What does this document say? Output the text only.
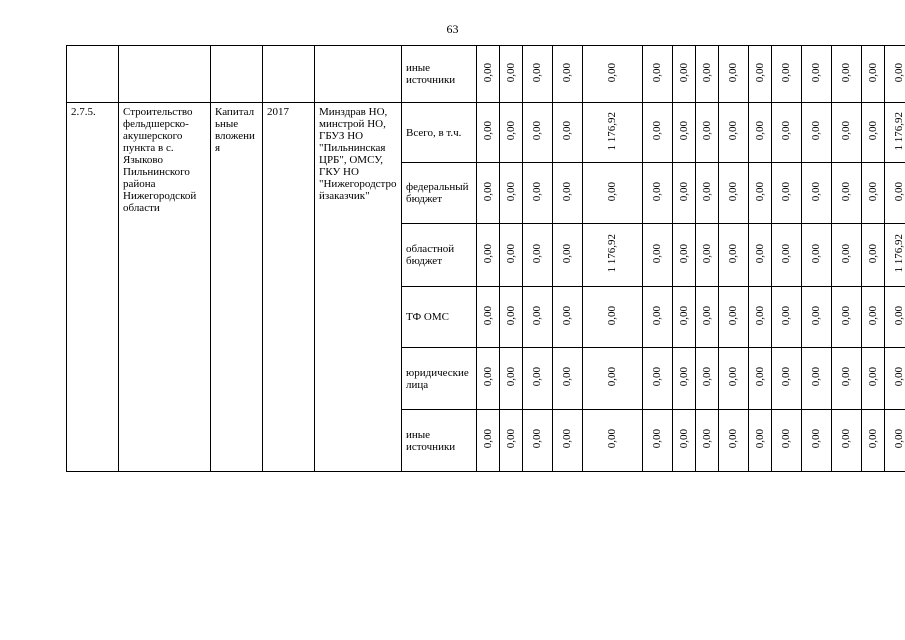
63
					иные источники	0,00	0,00	0,00	0,00	0,00	0,00	0,00	0,00	0,00	0,00	0,00	0,00	0,00	0,00	0,00
2.7.5.	Строительство фельдшерско-акушерского пункта в с. Языково Пильнинского района Нижегородской области	Капитальные вложения	2017	Минздрав НО, минстрой НО, ГБУЗ НО "Пильнинская ЦРБ", ОМСУ, ГКУ НО "Нижегородстройзаказчик"	Всего, в т.ч.	0,00	0,00	0,00	0,00	1 176,92	0,00	0,00	0,00	0,00	0,00	0,00	0,00	0,00	0,00	1 176,92
					федеральный бюджет	0,00	0,00	0,00	0,00	0,00	0,00	0,00	0,00	0,00	0,00	0,00	0,00	0,00	0,00	0,00
					областной бюджет	0,00	0,00	0,00	0,00	1 176,92	0,00	0,00	0,00	0,00	0,00	0,00	0,00	0,00	0,00	1 176,92
					ТФ ОМС	0,00	0,00	0,00	0,00	0,00	0,00	0,00	0,00	0,00	0,00	0,00	0,00	0,00	0,00	0,00
					юридические лица	0,00	0,00	0,00	0,00	0,00	0,00	0,00	0,00	0,00	0,00	0,00	0,00	0,00	0,00	0,00
					иные источники	0,00	0,00	0,00	0,00	0,00	0,00	0,00	0,00	0,00	0,00	0,00	0,00	0,00	0,00	0,00
